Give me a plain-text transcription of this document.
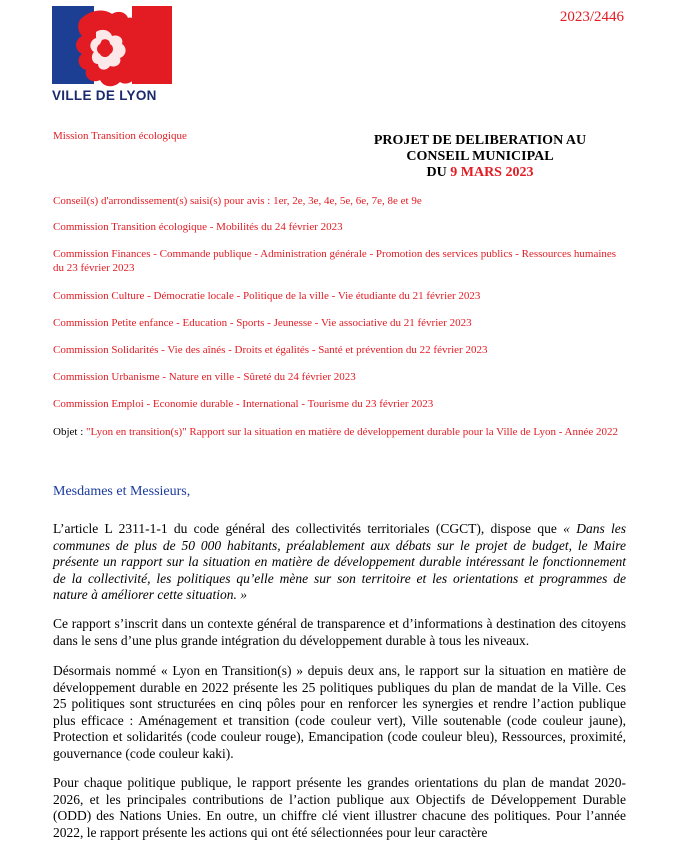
VILLE DE LYON
2023/2446
Mission Transition écologique	PROJET DE DELIBERATION AU
CONSEIL MUNICIPAL
DU 9 MARS 2023
Conseil(s) d'arrondissement(s) saisi(s) pour avis : 1er, 2e, 3e, 4e, 5e, 6e, 7e, 8e et 9e
Commission Transition écologique - Mobilités du 24 février 2023
Commission Finances - Commande publique - Administration générale - Promotion des services publics - Ressources humaines du 23 février 2023
Commission Culture - Démocratie locale - Politique de la ville - Vie étudiante du 21 février 2023
Commission Petite enfance - Education - Sports - Jeunesse - Vie associative du 21 février 2023
Commission Solidarités - Vie des aînés - Droits et égalités - Santé et prévention du 22 février 2023
Commission Urbanisme - Nature en ville - Sûreté du 24 février 2023
Commission Emploi - Economie durable - International - Tourisme du 23 février 2023
Objet : "Lyon en transition(s)" Rapport sur la situation en matière de développement durable pour la Ville de Lyon - Année 2022
Mesdames et Messieurs,
L’article L 2311-1-1 du code général des collectivités territoriales (CGCT), dispose que « Dans les communes de plus de 50 000 habitants, préalablement aux débats sur le projet de budget, le Maire présente un rapport sur la situation en matière de développement durable intéressant le fonctionnement de la collectivité, les politiques qu’elle mène sur son territoire et les orientations et programmes de nature à améliorer cette situation. »
Ce rapport s’inscrit dans un contexte général de transparence et d’informations à destination des citoyens dans le sens d’une plus grande intégration du développement durable à tous les niveaux.
Désormais nommé « Lyon en Transition(s) » depuis deux ans, le rapport sur la situation en matière de développement durable en 2022 présente les 25 politiques publiques du plan de mandat de la Ville. Ces 25 politiques sont structurées en cinq pôles pour en renforcer les synergies et rendre l’action publique plus efficace : Aménagement et transition (code couleur vert), Ville soutenable (code couleur jaune), Protection et solidarités (code couleur rouge), Emancipation (code couleur bleu), Ressources, proximité, gouvernance (code couleur kaki).
Pour chaque politique publique, le rapport présente les grandes orientations du plan de mandat 2020-2026, et les principales contributions de l’action publique aux Objectifs de Développement Durable (ODD) des Nations Unies. En outre, un chiffre clé vient illustrer chacune des politiques. Pour l’année 2022, le rapport présente les actions qui ont été sélectionnées pour leur caractère
